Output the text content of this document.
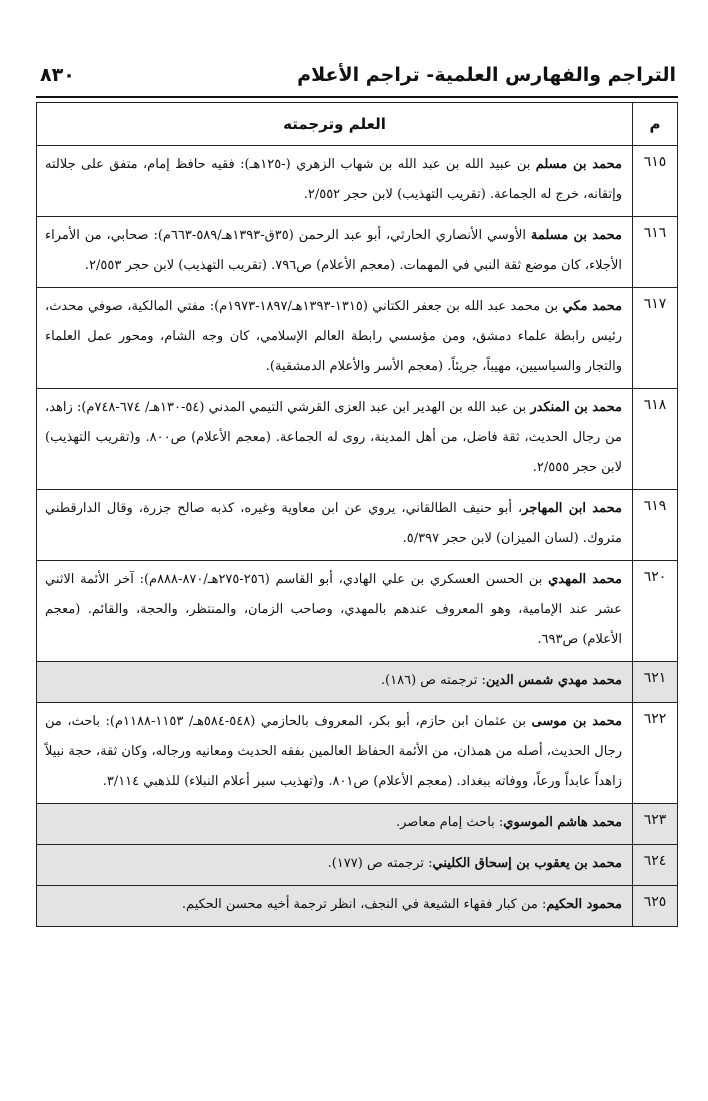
التراجم والفهارس العلمية- تراجم الأعلام
٨٣٠
م	العلم وترجمته
٦١٥	محمد بن مسلم بن عبيد الله بن عبد الله بن شهاب الزهري (-١٢٥هـ): فقيه حافظ إمام، متفق على جلالته وإتقانه، خرج له الجماعة. (تقريب التهذيب) لابن حجر ٢/٥٥٢.
٦١٦	محمد بن مسلمة الأوسي الأنصاري الحارثي، أبو عبد الرحمن (٣٥ق-١٣٩٣هـ/٥٨٩-٦٦٣م): صحابي، من الأمراء الأجلاء، كان موضع ثقة النبي في المهمات. (معجم الأعلام) ص٧٩٦. (تقريب التهذيب) لابن حجر ٢/٥٥٣.
٦١٧	محمد مكي بن محمد عبد الله بن جعفر الكتاني (١٣١٥-١٣٩٣هـ/١٨٩٧-١٩٧٣م): مفتي المالكية، صوفي محدث، رئيس رابطة علماء دمشق، ومن مؤسسي رابطة العالم الإسلامي، كان وجه الشام، ومحور عمل العلماء والتجار والسياسيين، مهيباً، جريئاً. (معجم الأسر والأعلام الدمشقية).
٦١٨	محمد بن المنكدر بن عبد الله بن الهدير ابن عبد العزى القرشي التيمي المدني (٥٤-١٣٠هـ/ ٦٧٤-٧٤٨م): زاهد، من رجال الحديث، ثقة فاضل، من أهل المدينة، روى له الجماعة. (معجم الأعلام) ص٨٠٠. و(تقريب التهذيب) لابن حجر ٢/٥٥٥.
٦١٩	محمد ابن المهاجر، أبو حنيف الطالقاني، يروي عن ابن معاوية وغيره، كذبه صالح جزرة، وقال الدارقطني متروك. (لسان الميزان) لابن حجر ٥/٣٩٧.
٦٢٠	محمد المهدي بن الحسن العسكري بن علي الهادي، أبو القاسم (٢٥٦-٢٧٥هـ/٨٧٠-٨٨٨م): آخر الأئمة الاثني عشر عند الإمامية، وهو المعروف عندهم بالمهدي، وصاحب الزمان، والمنتظر، والحجة، والقائم. (معجم الأعلام) ص٦٩٣.
٦٢١	محمد مهدي شمس الدين: ترجمته ص (١٨٦).
٦٢٢	محمد بن موسى بن عثمان ابن حازم، أبو بكر، المعروف بالحازمي (٥٤٨-٥٨٤هـ/ ١١٥٣-١١٨٨م): باحث، من رجال الحديث، أصله من همذان، من الأئمة الحفاظ العالمين بفقه الحديث ومعانيه ورجاله، وكان ثقة، حجة نبيلاً زاهداً عابداً ورعاً، ووفاته ببغداد. (معجم الأعلام) ص٨٠١. و(تهذيب سير أعلام النبلاء) للذهبي ٣/١١٤.
٦٢٣	محمد هاشم الموسوي: باحث إمام معاصر.
٦٢٤	محمد بن يعقوب بن إسحاق الكليني: ترجمته ص (١٧٧).
٦٢٥	محمود الحكيم: من كبار فقهاء الشيعة في النجف، انظر ترجمة أخيه محسن الحكيم.
